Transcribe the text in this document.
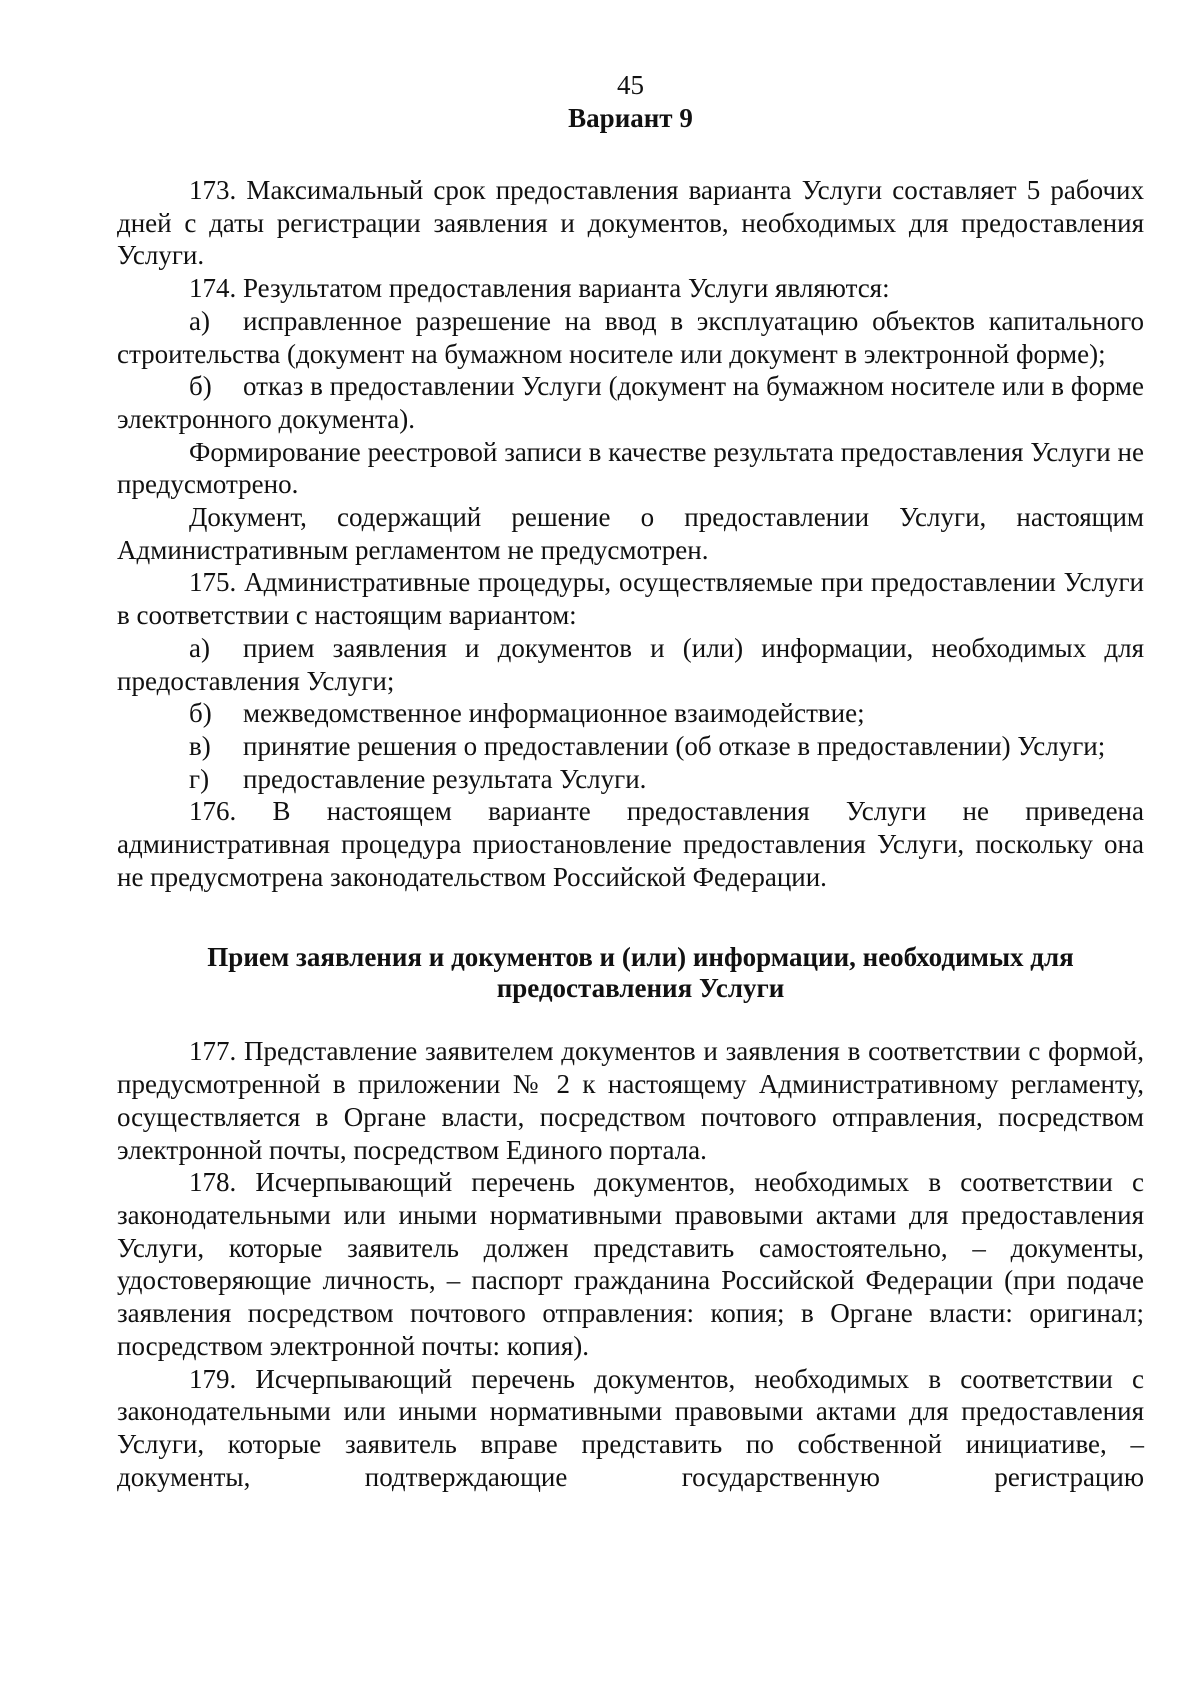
45

Вариант 9

173. Максимальный срок предоставления варианта Услуги составляет 5 рабочих дней с даты регистрации заявления и документов, необходимых для предоставления Услуги.

174. Результатом предоставления варианта Услуги являются:

а) исправленное разрешение на ввод в эксплуатацию объектов капитального строительства (документ на бумажном носителе или документ в электронной форме);

б) отказ в предоставлении Услуги (документ на бумажном носителе или в форме электронного документа).

Формирование реестровой записи в качестве результата предоставления Услуги не предусмотрено.

Документ, содержащий решение о предоставлении Услуги, настоящим Административным регламентом не предусмотрен.

175. Административные процедуры, осуществляемые при предоставлении Услуги в соответствии с настоящим вариантом:

а) прием заявления и документов и (или) информации, необходимых для предоставления Услуги;

б) межведомственное информационное взаимодействие;

в) принятие решения о предоставлении (об отказе в предоставлении) Услуги;

г) предоставление результата Услуги.

176. В настоящем варианте предоставления Услуги не приведена административная процедура приостановление предоставления Услуги, поскольку она не предусмотрена законодательством Российской Федерации.

Прием заявления и документов и (или) информации, необходимых для
предоставления Услуги

177. Представление заявителем документов и заявления в соответствии с формой, предусмотренной в приложении № 2 к настоящему Административному регламенту, осуществляется в Органе власти, посредством почтового отправления, посредством электронной почты, посредством Единого портала.

178. Исчерпывающий перечень документов, необходимых в соответствии с законодательными или иными нормативными правовыми актами для предоставления Услуги, которые заявитель должен представить самостоятельно, – документы, удостоверяющие личность, – паспорт гражданина Российской Федерации (при подаче заявления посредством почтового отправления: копия; в Органе власти: оригинал; посредством электронной почты: копия).

179. Исчерпывающий перечень документов, необходимых в соответствии с законодательными или иными нормативными правовыми актами для предоставления Услуги, которые заявитель вправе представить по собственной инициативе, – документы, подтверждающие государственную регистрацию
